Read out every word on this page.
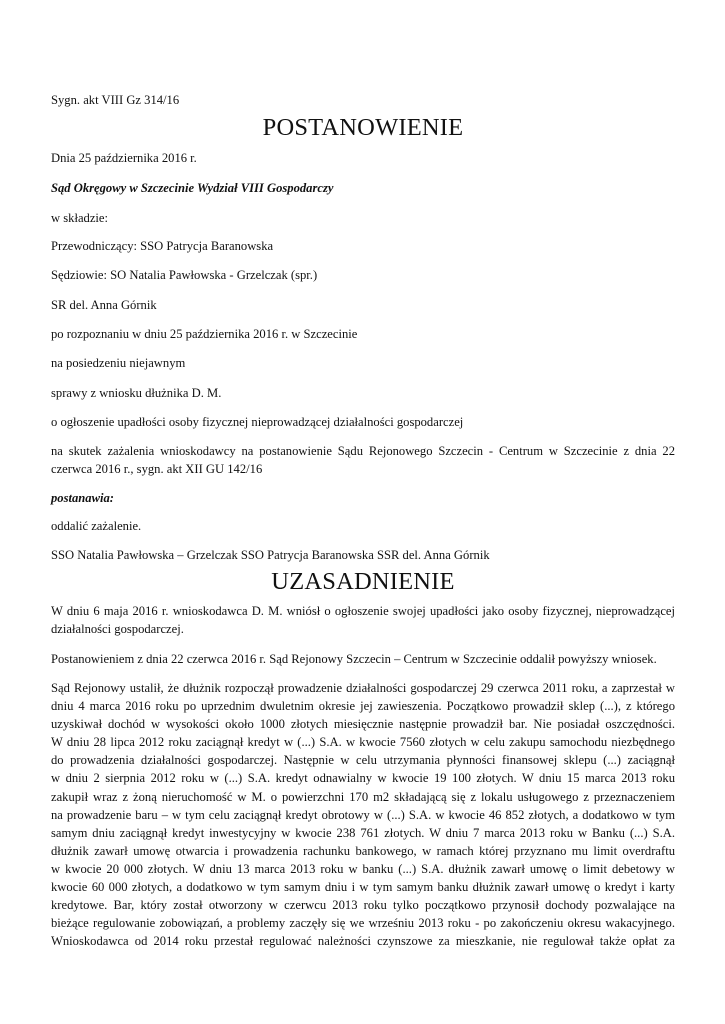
Sygn. akt VIII Gz 314/16

POSTANOWIENIE

Dnia 25 października 2016 r.

Sąd Okręgowy w Szczecinie Wydział VIII Gospodarczy

w składzie:

Przewodniczący: SSO Patrycja Baranowska

Sędziowie: SO Natalia Pawłowska - Grzelczak (spr.)

SR del. Anna Górnik

po rozpoznaniu w dniu 25 października 2016 r. w Szczecinie

na posiedzeniu niejawnym

sprawy z wniosku dłużnika D. M.

o ogłoszenie upadłości osoby fizycznej nieprowadzącej działalności gospodarczej

na skutek zażalenia wnioskodawcy na postanowienie Sądu Rejonowego Szczecin - Centrum w Szczecinie z dnia 22
czerwca 2016 r., sygn. akt XII GU 142/16

postanawia:

oddalić zażalenie.

SSO Natalia Pawłowska – Grzelczak SSO Patrycja Baranowska SSR del. Anna Górnik

UZASADNIENIE
W dniu 6 maja 2016 r. wnioskodawca D. M. wniósł o ogłoszenie swojej upadłości jako osoby fizycznej, nieprowadzącej
działalności gospodarczej.

Postanowieniem z dnia 22 czerwca 2016 r. Sąd Rejonowy Szczecin – Centrum w Szczecinie oddalił powyższy wniosek.

Sąd Rejonowy ustalił, że dłużnik rozpoczął prowadzenie działalności gospodarczej 29 czerwca 2011 roku, a zaprzestał w
dniu 4 marca 2016 roku po uprzednim dwuletnim okresie jej zawieszenia. Początkowo prowadził sklep (...), z którego
uzyskiwał dochód w wysokości około 1000 złotych miesięcznie następnie prowadził bar. Nie posiadał oszczędności.
W dniu 28 lipca 2012 roku zaciągnął kredyt w (...) S.A. w kwocie 7560 złotych w celu zakupu samochodu niezbędnego
do prowadzenia działalności gospodarczej. Następnie w celu utrzymania płynności finansowej sklepu (...) zaciągnął
w dniu 2 sierpnia 2012 roku w (...) S.A. kredyt odnawialny w kwocie 19 100 złotych. W dniu 15 marca 2013 roku
zakupił wraz z żoną nieruchomość w M. o powierzchni 170 m2 składającą się z lokalu usługowego z przeznaczeniem
na prowadzenie baru – w tym celu zaciągnął kredyt obrotowy w (...) S.A. w kwocie 46 852 złotych, a dodatkowo w tym
samym dniu zaciągnął kredyt inwestycyjny w kwocie 238 761 złotych. W dniu 7 marca 2013 roku w Banku (...) S.A.
dłużnik zawarł umowę otwarcia i prowadzenia rachunku bankowego, w ramach której przyznano mu limit overdraftu
w kwocie 20 000 złotych. W dniu 13 marca 2013 roku w banku (...) S.A. dłużnik zawarł umowę o limit debetowy w
kwocie 60 000 złotych, a dodatkowo w tym samym dniu i w tym samym banku dłużnik zawarł umowę o kredyt i karty
kredytowe. Bar, który został otworzony w czerwcu 2013 roku tylko początkowo przynosił dochody pozwalające na
bieżące regulowanie zobowiązań, a problemy zaczęły się we wrześniu 2013 roku - po zakończeniu okresu wakacyjnego.
Wnioskodawca od 2014 roku przestał regulować należności czynszowe za mieszkanie, nie regulował także opłat za
